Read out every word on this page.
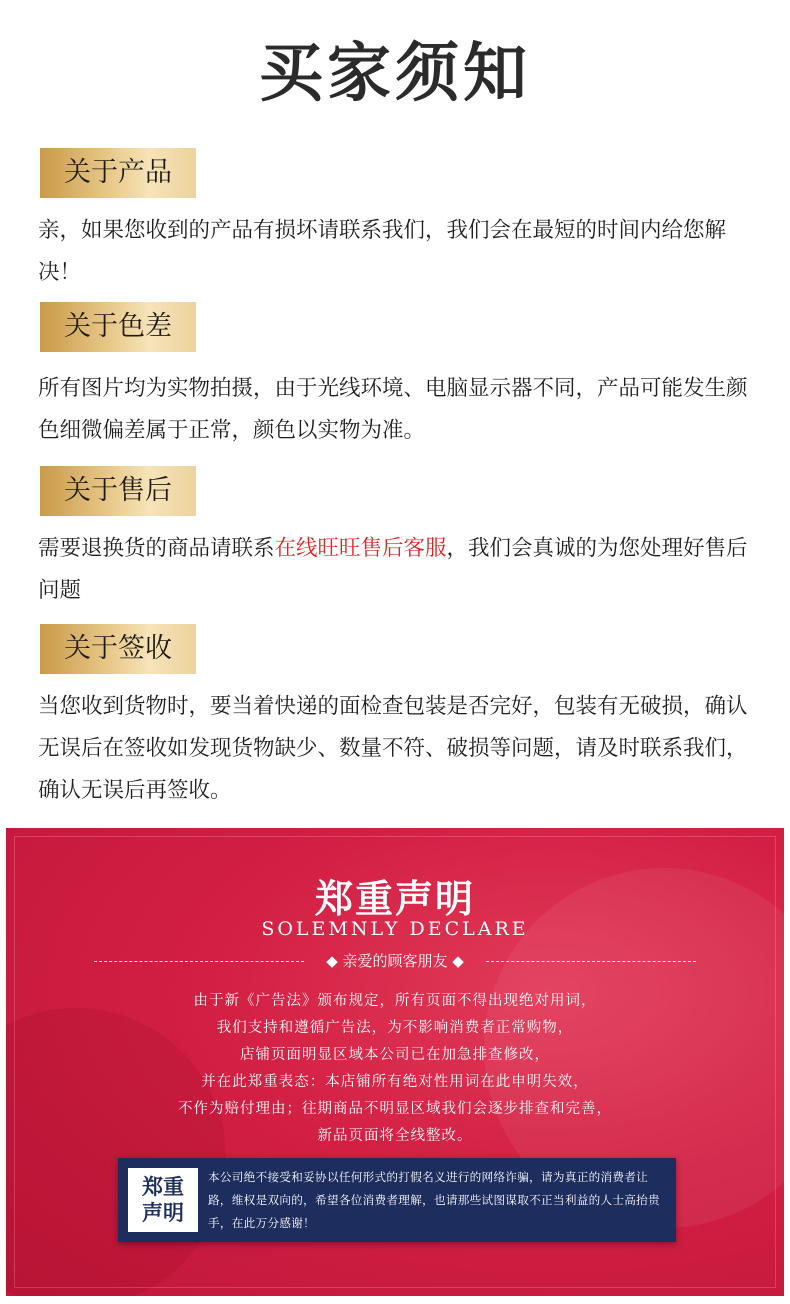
买家须知
关于产品
亲，如果您收到的产品有损坏请联系我们，我们会在最短的时间内给您解决！
关于色差
所有图片均为实物拍摄，由于光线环境、电脑显示器不同，产品可能发生颜色细微偏差属于正常，颜色以实物为准。
关于售后
需要退换货的商品请联系在线旺旺售后客服，我们会真诚的为您处理好售后问题
关于签收
当您收到货物时，要当着快递的面检查包装是否完好，包装有无破损，确认无误后在签收如发现货物缺少、数量不符、破损等问题，请及时联系我们，确认无误后再签收。
郑重声明
SOLEMNLY DECLARE
◆ 亲爱的顾客朋友 ◆
由于新《广告法》颁布规定，所有页面不得出现绝对用词，
我们支持和遵循广告法，为不影响消费者正常购物，
店铺页面明显区域本公司已在加急排查修改，
并在此郑重表态：本店铺所有绝对性用词在此申明失效，
不作为赔付理由；往期商品不明显区域我们会逐步排查和完善，
新品页面将全线整改。
郑重
声明
本公司绝不接受和妥协以任何形式的打假名义进行的网络诈骗，请为真正的消费者让路，维权是双向的，希望各位消费者理解，也请那些试图谋取不正当利益的人士高抬贵手，在此万分感谢！
